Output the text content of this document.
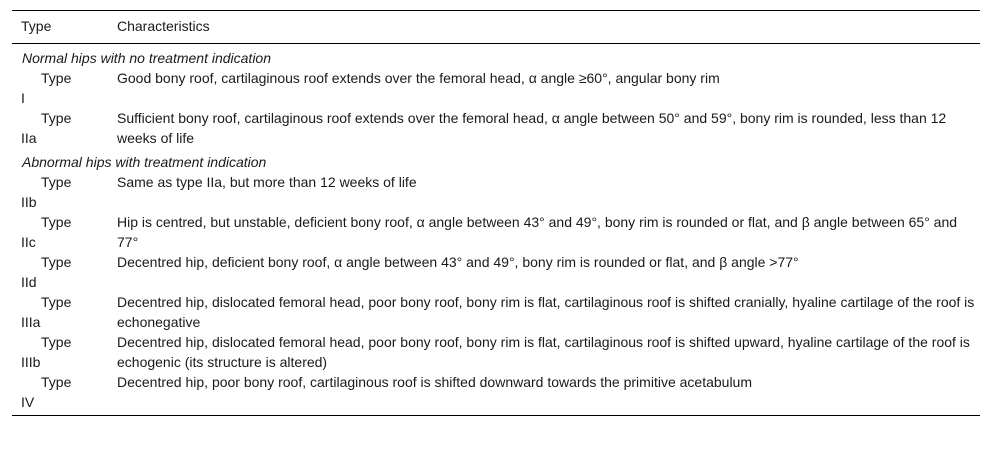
Type	Characteristics
Normal hips with no treatment indication	

Type
I	Good bony roof, cartilaginous roof extends over the femoral head, α angle ≥60°, angular bony rim

Type
IIa	Sufficient bony roof, cartilaginous roof extends over the femoral head, α angle between 50° and 59°, bony rim is rounded, less than 12 weeks of life
Abnormal hips with treatment indication	

Type
IIb	Same as type IIa, but more than 12 weeks of life

Type
IIc	Hip is centred, but unstable, deficient bony roof, α angle between 43° and 49°, bony rim is rounded or flat, and β angle between 65° and 77°

Type
IId	Decentred hip, deficient bony roof, α angle between 43° and 49°, bony rim is rounded or flat, and β angle >77°

Type
IIIa	Decentred hip, dislocated femoral head, poor bony roof, bony rim is flat, cartilaginous roof is shifted cranially, hyaline cartilage of the roof is echonegative

Type
IIIb	Decentred hip, dislocated femoral head, poor bony roof, bony rim is flat, cartilaginous roof is shifted upward, hyaline cartilage of the roof is echogenic (its structure is altered)

Type
IV	Decentred hip, poor bony roof, cartilaginous roof is shifted downward towards the primitive acetabulum
